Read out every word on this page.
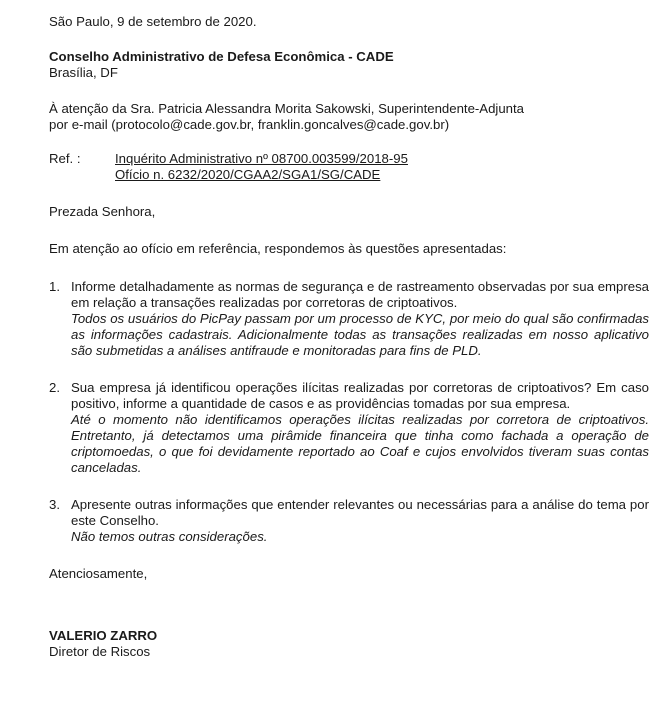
São Paulo, 9 de setembro de 2020.

Conselho Administrativo de Defesa Econômica - CADE

Brasília, DF

À atenção da Sra. Patricia Alessandra Morita Sakowski, Superintendente-Adjunta

por e-mail (protocolo@cade.gov.br, franklin.goncalves@cade.gov.br)

Ref. :	Inquérito Administrativo nº 08700.003599/2018-95
Ofício n. 6232/2020/CGAA2/SGA1/SG/CADE

Prezada Senhora,

Em atenção ao ofício em referência, respondemos às questões apresentadas:

1. Informe detalhadamente as normas de segurança e de rastreamento observadas por sua empresa em relação a transações realizadas por corretoras de criptoativos.

Todos os usuários do PicPay passam por um processo de KYC, por meio do qual são confirmadas as informações cadastrais. Adicionalmente todas as transações realizadas em nosso aplicativo são submetidas a análises antifraude e monitoradas para fins de PLD.

2. Sua empresa já identificou operações ilícitas realizadas por corretoras de criptoativos? Em caso positivo, informe a quantidade de casos e as providências tomadas por sua empresa.

Até o momento não identificamos operações ilícitas realizadas por corretora de criptoativos. Entretanto, já detectamos uma pirâmide financeira que tinha como fachada a operação de criptomoedas, o que foi devidamente reportado ao Coaf e cujos envolvidos tiveram suas contas canceladas.

3. Apresente outras informações que entender relevantes ou necessárias para a análise do tema por este Conselho.

Não temos outras considerações.

Atenciosamente,

VALERIO ZARRO

Diretor de Riscos
